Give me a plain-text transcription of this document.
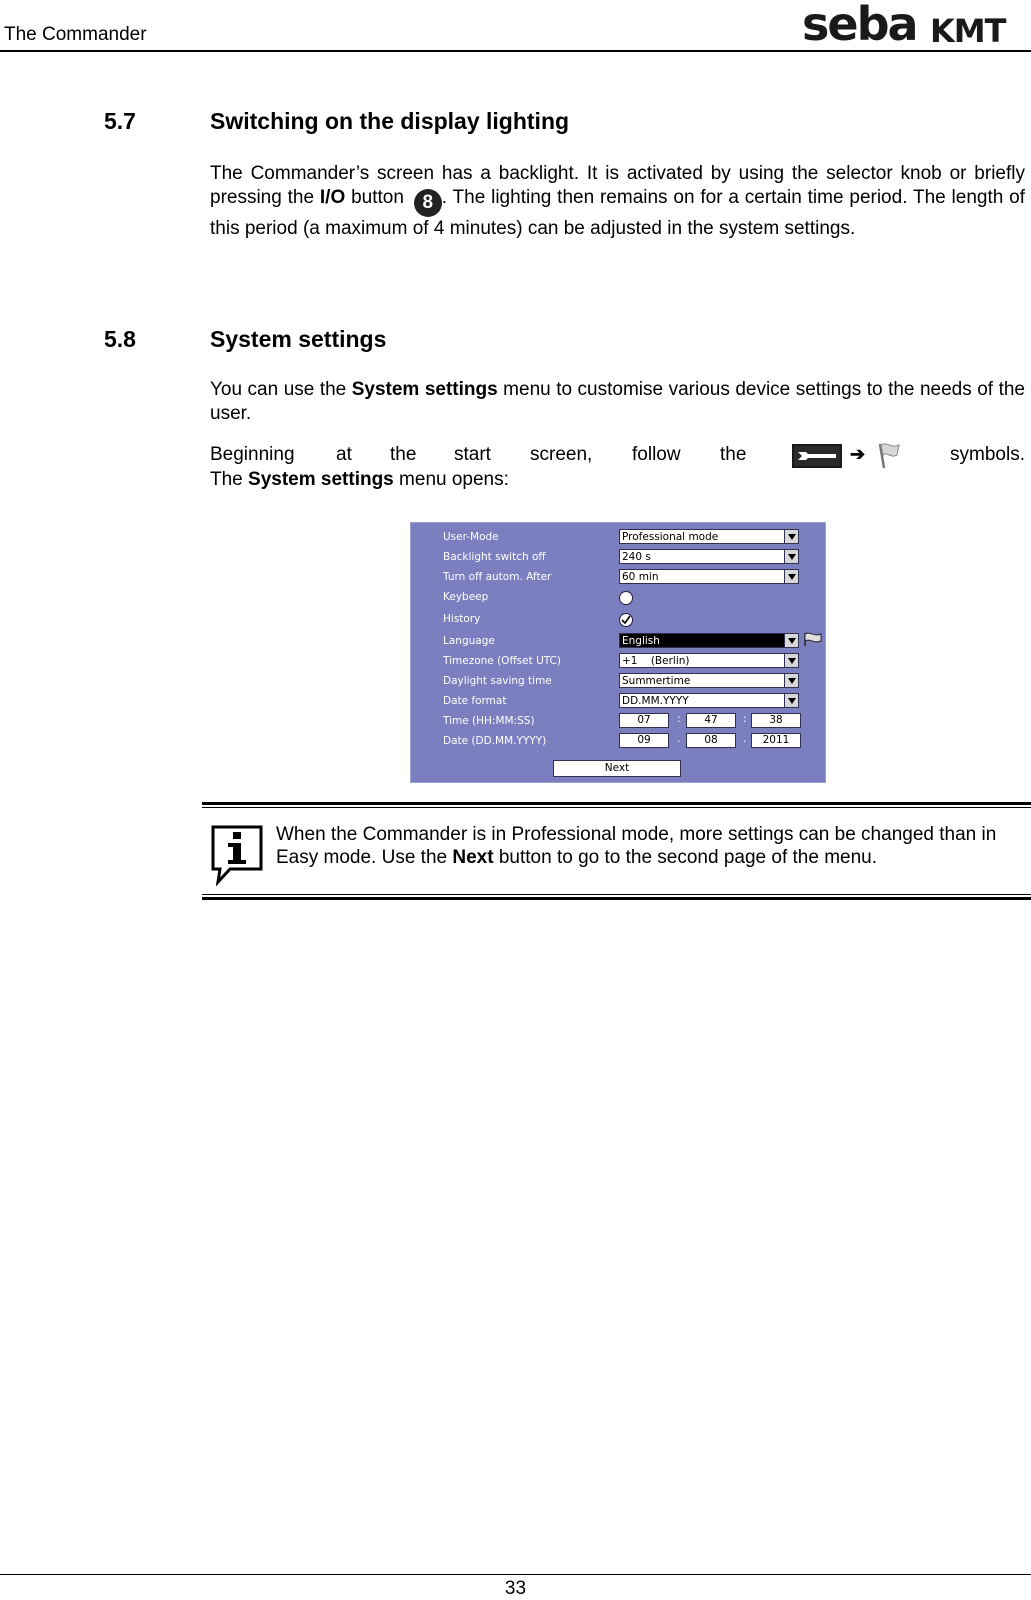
The Commander	seba KMT
5.7	Switching on the display lighting
The Commander’s screen has a backlight. It is activated by using the selector knob or briefly pressing the I/O button 8 . The lighting then remains on for a certain time period. The length of this period (a maximum of 4 minutes) can be adjusted in the system settings.
5.8	System settings
You can use the System settings menu to customise various device settings to the needs of the user.
Beginning at the start screen, follow the	➔	symbols.
The System settings menu opens:
User-Mode	Professional mode
Backlight switch off	240 s
Turn off autom. After	60 min
Keybeep
History
Language	English
Timezone (Offset UTC)	+1    (Berlin)
Daylight saving time	Summertime
Date format	DD.MM.YYYY
Time (HH:MM:SS)	07	:	47	:	38
Date (DD.MM.YYYY)	09	.	08	.	2011
Next
When the Commander is in Professional mode, more settings can be changed than in Easy mode. Use the Next button to go to the second page of the menu.
33
